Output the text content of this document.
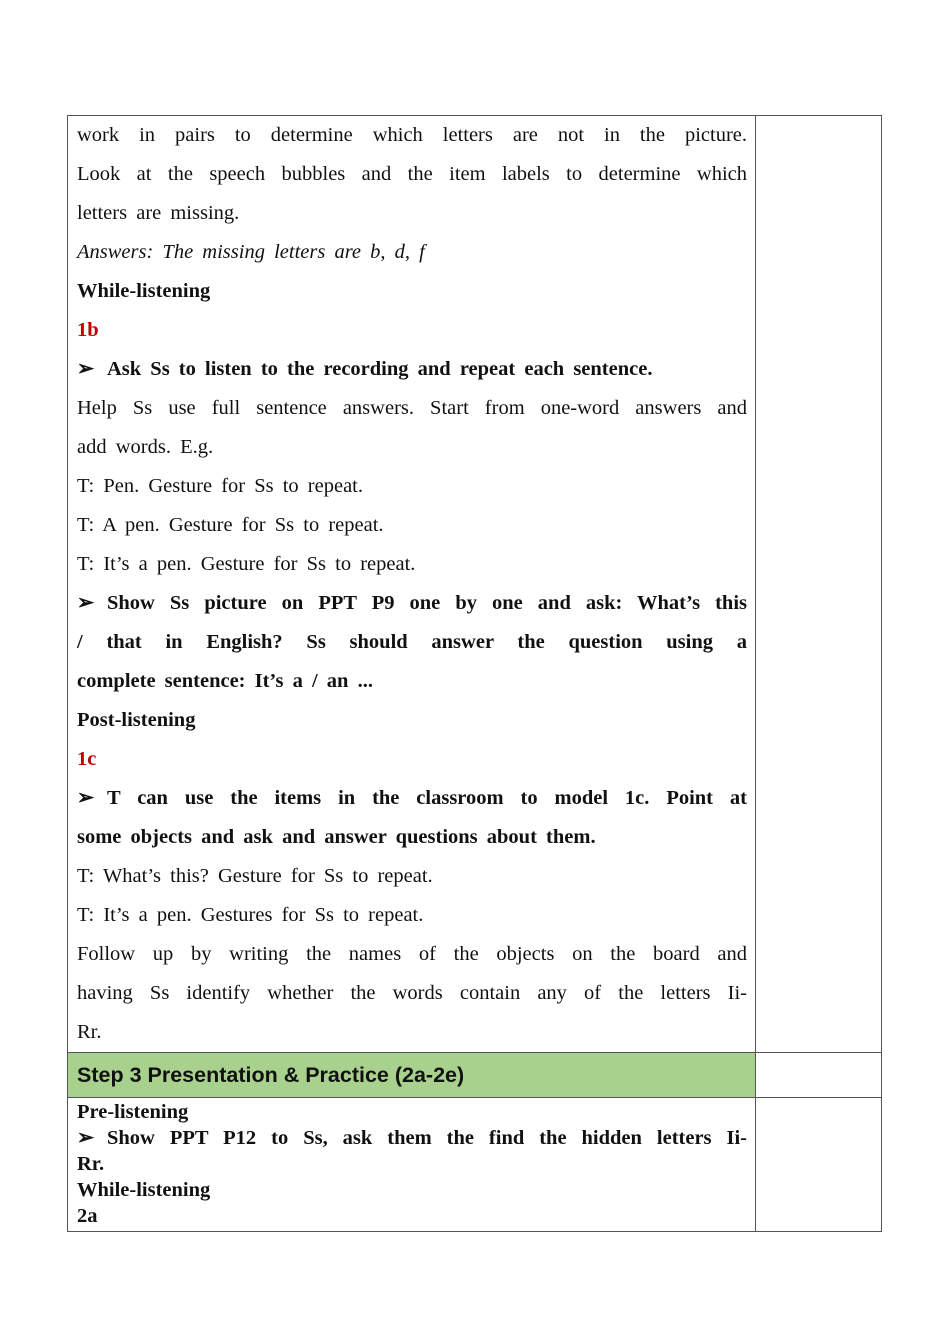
work in pairs to determine which letters are not in the picture.
Look at the speech bubbles and the item labels to determine which
letters are missing.
Answers: The missing letters are b, d, f
While-listening
1b
➢ Ask Ss to listen to the recording and repeat each sentence.
Help Ss use full sentence answers. Start from one-word answers and
add words. E.g.
T: Pen. Gesture for Ss to repeat.
T: A pen. Gesture for Ss to repeat.
T: It’s a pen. Gesture for Ss to repeat.
➢ Show Ss picture on PPT P9 one by one and ask: What’s this
/ that in English? Ss should answer the question using a
complete sentence: It’s a / an ...
Post-listening
1c
➢ T can use the items in the classroom to model 1c. Point at
some objects and ask and answer questions about them.
T: What’s this? Gesture for Ss to repeat.
T: It’s a pen. Gestures for Ss to repeat.
Follow up by writing the names of the objects on the board and
having Ss identify whether the words contain any of the letters Ii-
Rr.
Step 3 Presentation & Practice (2a-2e)
Pre-listening
➢ Show PPT P12 to Ss, ask them the find the hidden letters Ii-
Rr.
While-listening
2a
